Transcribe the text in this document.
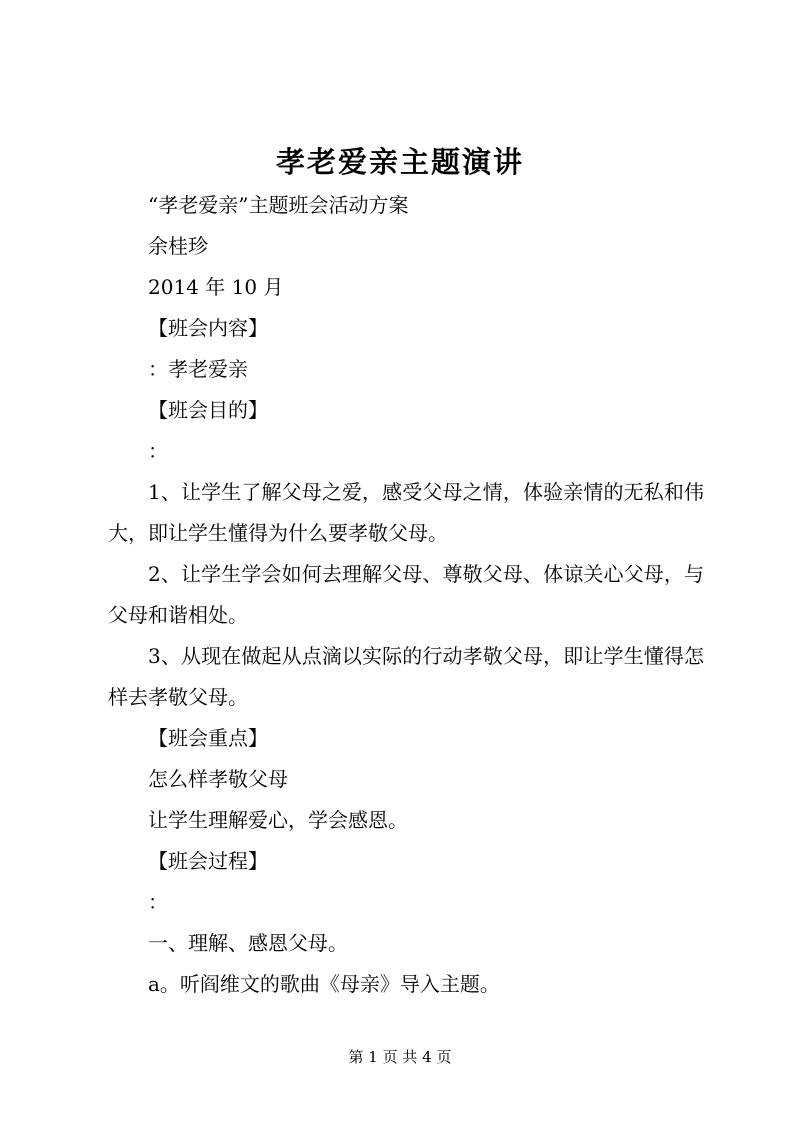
孝老爱亲主题演讲
“孝老爱亲”主题班会活动方案
余桂珍
2014 年 10 月
【班会内容】
：孝老爱亲
【班会目的】
：
1、让学生了解父母之爱，感受父母之情，体验亲情的无私和伟大，即让学生懂得为什么要孝敬父母。
2、让学生学会如何去理解父母、尊敬父母、体谅关心父母，与父母和谐相处。
3、从现在做起从点滴以实际的行动孝敬父母，即让学生懂得怎样去孝敬父母。
【班会重点】
怎么样孝敬父母
让学生理解爱心，学会感恩。
【班会过程】
：
一、理解、感恩父母。
a。听阎维文的歌曲《母亲》导入主题。
第 1 页 共 4 页
